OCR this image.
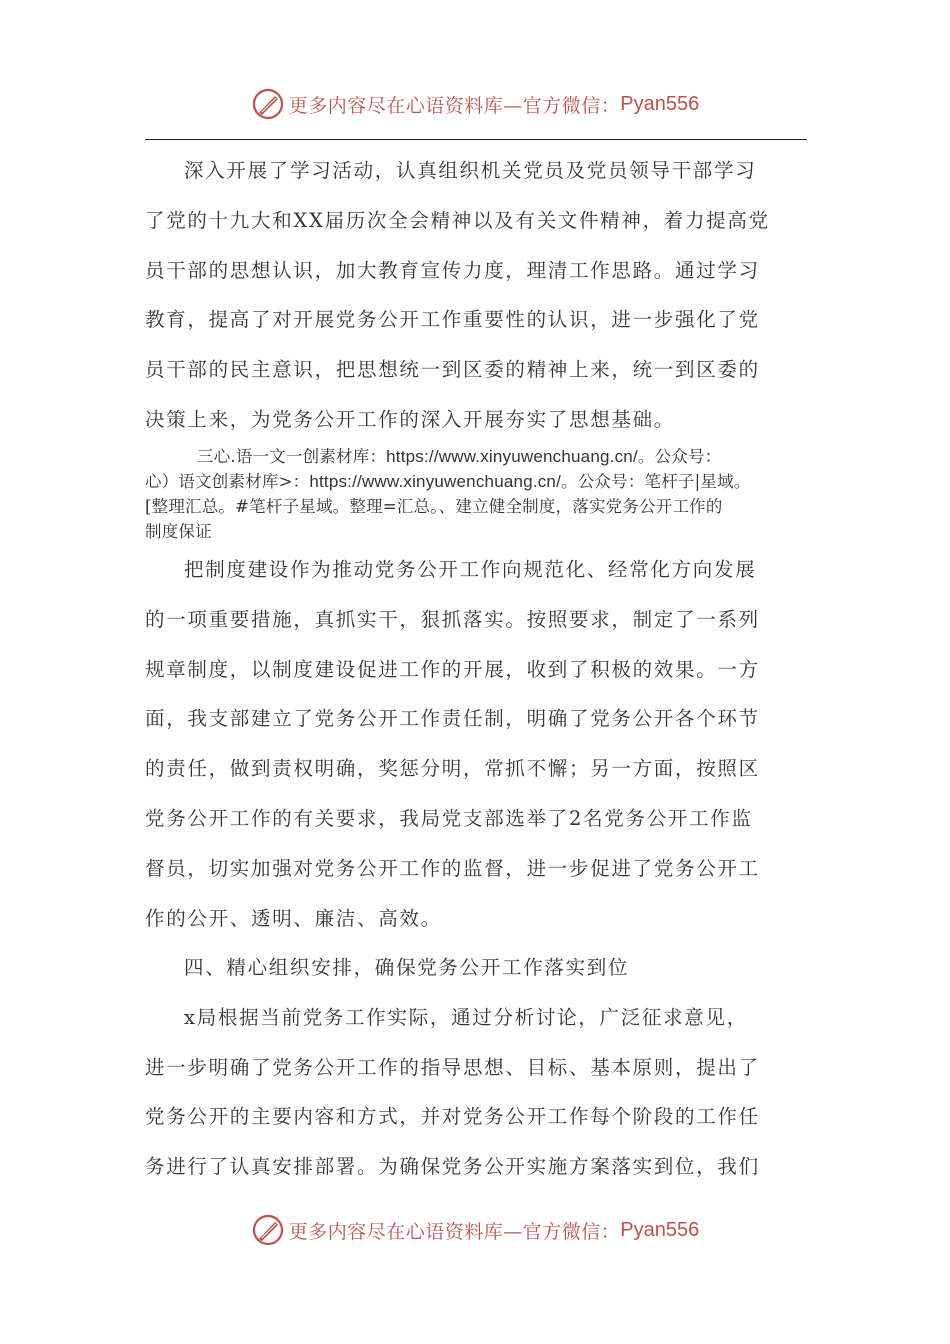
更多内容尽在心语资料库—官方微信： Pyan556

深入开展了学习活动，认真组织机关党员及党员领导干部学习

了党的十九大和XX届历次全会精神以及有关文件精神，着力提高党

员干部的思想认识，加大教育宣传力度，理清工作思路。通过学习

教育，提高了对开展党务公开工作重要性的认识，进一步强化了党

员干部的民主意识，把思想统一到区委的精神上来，统一到区委的

决策上来，为党务公开工作的深入开展夯实了思想基础。

三心.语一文一创素材库：https://www.xinyuwenchuang.cn/。公众号：

心）语文创素材库>：https://www.xinyuwenchuang.cn/。公众号：笔杆子|星域。

[整理汇总。#笔杆子星域。整理=汇总。、建立健全制度，落实党务公开工作的

制度保证

把制度建设作为推动党务公开工作向规范化、经常化方向发展

的一项重要措施，真抓实干，狠抓落实。按照要求，制定了一系列

规章制度，以制度建设促进工作的开展，收到了积极的效果。一方

面，我支部建立了党务公开工作责任制，明确了党务公开各个环节

的责任，做到责权明确，奖惩分明，常抓不懈；另一方面，按照区

党务公开工作的有关要求，我局党支部选举了2名党务公开工作监

督员，切实加强对党务公开工作的监督，进一步促进了党务公开工

作的公开、透明、廉洁、高效。

四、精心组织安排，确保党务公开工作落实到位

x局根据当前党务工作实际，通过分析讨论，广泛征求意见，

进一步明确了党务公开工作的指导思想、目标、基本原则，提出了

党务公开的主要内容和方式，并对党务公开工作每个阶段的工作任

务进行了认真安排部署。为确保党务公开实施方案落实到位，我们

更多内容尽在心语资料库—官方微信： Pyan556
